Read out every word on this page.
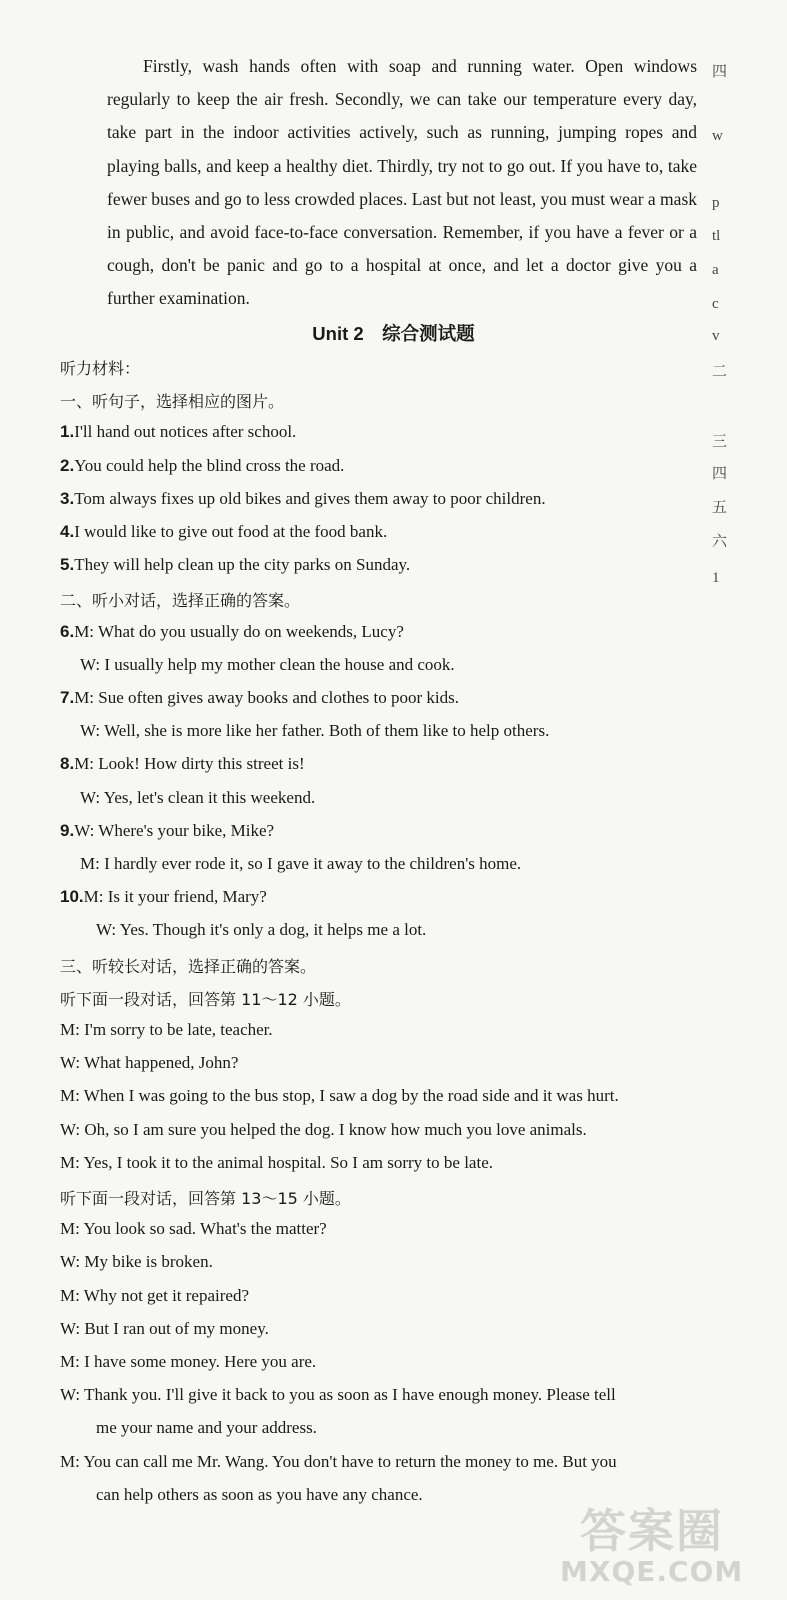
Firstly, wash hands often with soap and running water. Open windows regularly to keep the air fresh. Secondly, we can take our temperature every day, take part in the indoor activities actively, such as running, jumping ropes and playing balls, and keep a healthy diet. Thirdly, try not to go out. If you have to, take fewer buses and go to less crowded places. Last but not least, you must wear a mask in public, and avoid face-to-face conversation. Remember, if you have a fever or a cough, don't be panic and go to a hospital at once, and let a doctor give you a further examination.

Unit 2　综合测试题
听力材料：
一、听句子，选择相应的图片。
1.I'll hand out notices after school.
2.You could help the blind cross the road.
3.Tom always fixes up old bikes and gives them away to poor children.
4.I would like to give out food at the food bank.
5.They will help clean up the city parks on Sunday.
二、听小对话，选择正确的答案。
6.M: What do you usually do on weekends, Lucy?
W: I usually help my mother clean the house and cook.
7.M: Sue often gives away books and clothes to poor kids.
W: Well, she is more like her father. Both of them like to help others.
8.M: Look! How dirty this street is!
W: Yes, let's clean it this weekend.
9.W: Where's your bike, Mike?
M: I hardly ever rode it, so I gave it away to the children's home.
10.M: Is it your friend, Mary?
W: Yes. Though it's only a dog, it helps me a lot.
三、听较长对话，选择正确的答案。
听下面一段对话，回答第 11～12 小题。
M: I'm sorry to be late, teacher.
W: What happened, John?
M: When I was going to the bus stop, I saw a dog by the road side and it was hurt.
W: Oh, so I am sure you helped the dog. I know how much you love animals.
M: Yes, I took it to the animal hospital. So I am sorry to be late.
听下面一段对话，回答第 13～15 小题。
M: You look so sad. What's the matter?
W: My bike is broken.
M: Why not get it repaired?
W: But I ran out of my money.
M: I have some money. Here you are.
W: Thank you. I'll give it back to you as soon as I have enough money. Please tell
me your name and your address.
M: You can call me Mr. Wang. You don't have to return the money to me. But you
can help others as soon as you have any chance.
四
w
p
tl
a
c
v
二
三
四
五
六
1
答案圈
MXQE.COM
